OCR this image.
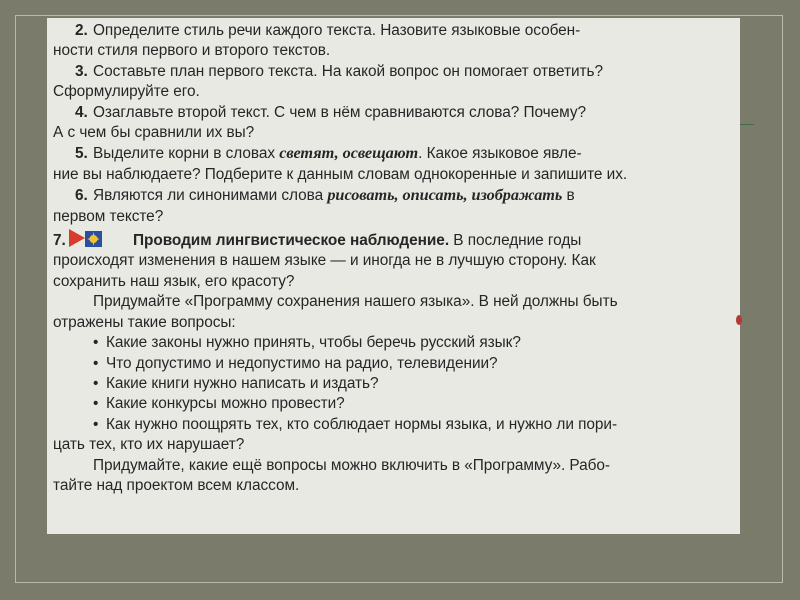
2. Определите стиль речи каждого текста. Назовите языковые особен-
ности стиля первого и второго текстов.
3. Составьте план первого текста. На какой вопрос он помогает ответить?
Сформулируйте его.
4. Озаглавьте второй текст. С чем в нём сравниваются слова? Почему?
А с чем бы сравнили их вы?
5. Выделите корни в словах светят, освещают. Какое языковое явле-
ние вы наблюдаете? Подберите к данным словам однокоренные и запишите их.
6. Являются ли синонимами слова рисовать, описать, изображать в
первом тексте?
7.	Проводим лингвистическое наблюдение. В последние годы
происходят изменения в нашем языке — и иногда не в лучшую сторону. Как
сохранить наш язык, его красоту?
Придумайте «Программу сохранения нашего языка». В ней должны быть
отражены такие вопросы:
• Какие законы нужно принять, чтобы беречь русский язык?
• Что допустимо и недопустимо на радио, телевидении?
• Какие книги нужно написать и издать?
• Какие конкурсы можно провести?
• Как нужно поощрять тех, кто соблюдает нормы языка, и нужно ли пори-
цать тех, кто их нарушает?
Придумайте, какие ещё вопросы можно включить в «Программу». Рабо-
тайте над проектом всем классом.
